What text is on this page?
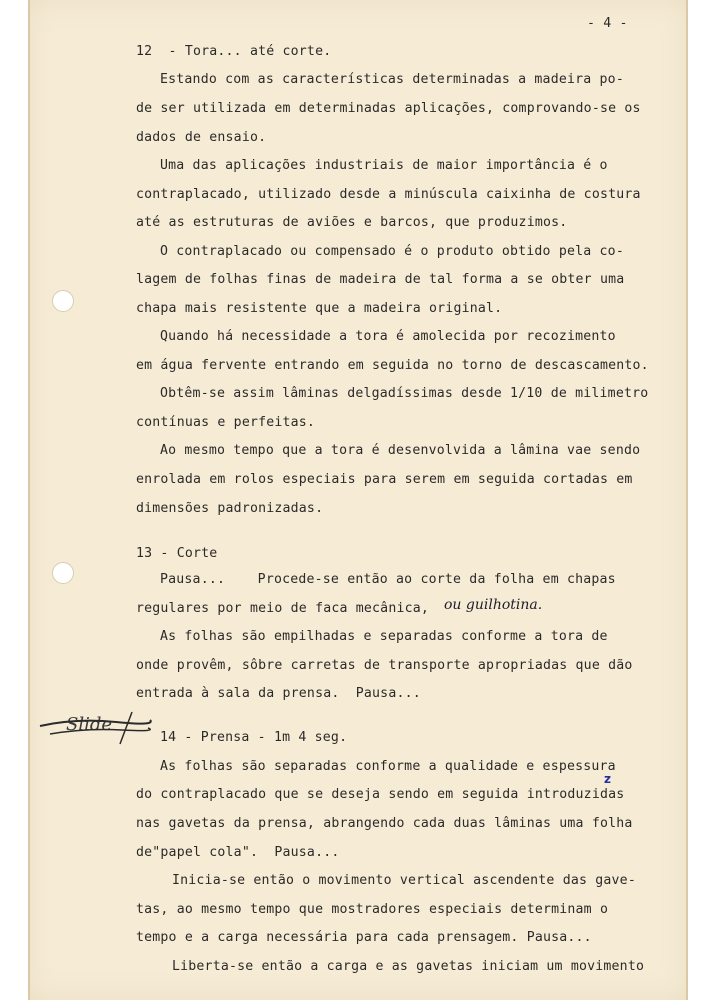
- 4 -
12  - Tora... até corte.
Estando com as características determinadas a madeira po-
de ser utilizada em determinadas aplicações, comprovando-se os
dados de ensaio.
Uma das aplicações industriais de maior importância é o
contraplacado, utilizado desde a minúscula caixinha de costura
até as estruturas de aviões e barcos, que produzimos.
O contraplacado ou compensado é o produto obtido pela co-
lagem de folhas finas de madeira de tal forma a se obter uma
chapa mais resistente que a madeira original.
Quando há necessidade a tora é amolecida por recozimento
em água fervente entrando em seguida no torno de descascamento.
Obtêm-se assim lâminas delgadíssimas desde 1/10 de milimetro
contínuas e perfeitas.
Ao mesmo tempo que a tora é desenvolvida a lâmina vae sendo
enrolada em rolos especiais para serem em seguida cortadas em
dimensões padronizadas.
13 - Corte
Pausa...    Procede-se então ao corte da folha em chapas
regulares por meio de faca mecânica, ou guilhotina.
As folhas são empilhadas e separadas conforme a tora de
onde provêm, sôbre carretas de transporte apropriadas que dão
entrada à sala da prensa.  Pausa...
Slide
14 - Prensa - 1m 4 seg.
As folhas são separadas conforme a qualidade e espessura
do contraplacado que se deseja sendo em seguida introduzidas
z
nas gavetas da prensa, abrangendo cada duas lâminas uma folha
de"papel cola".  Pausa...
Inicia-se então o movimento vertical ascendente das gave-
tas, ao mesmo tempo que mostradores especiais determinam o
tempo e a carga necessária para cada prensagem. Pausa...
Liberta-se então a carga e as gavetas iniciam um movimento
